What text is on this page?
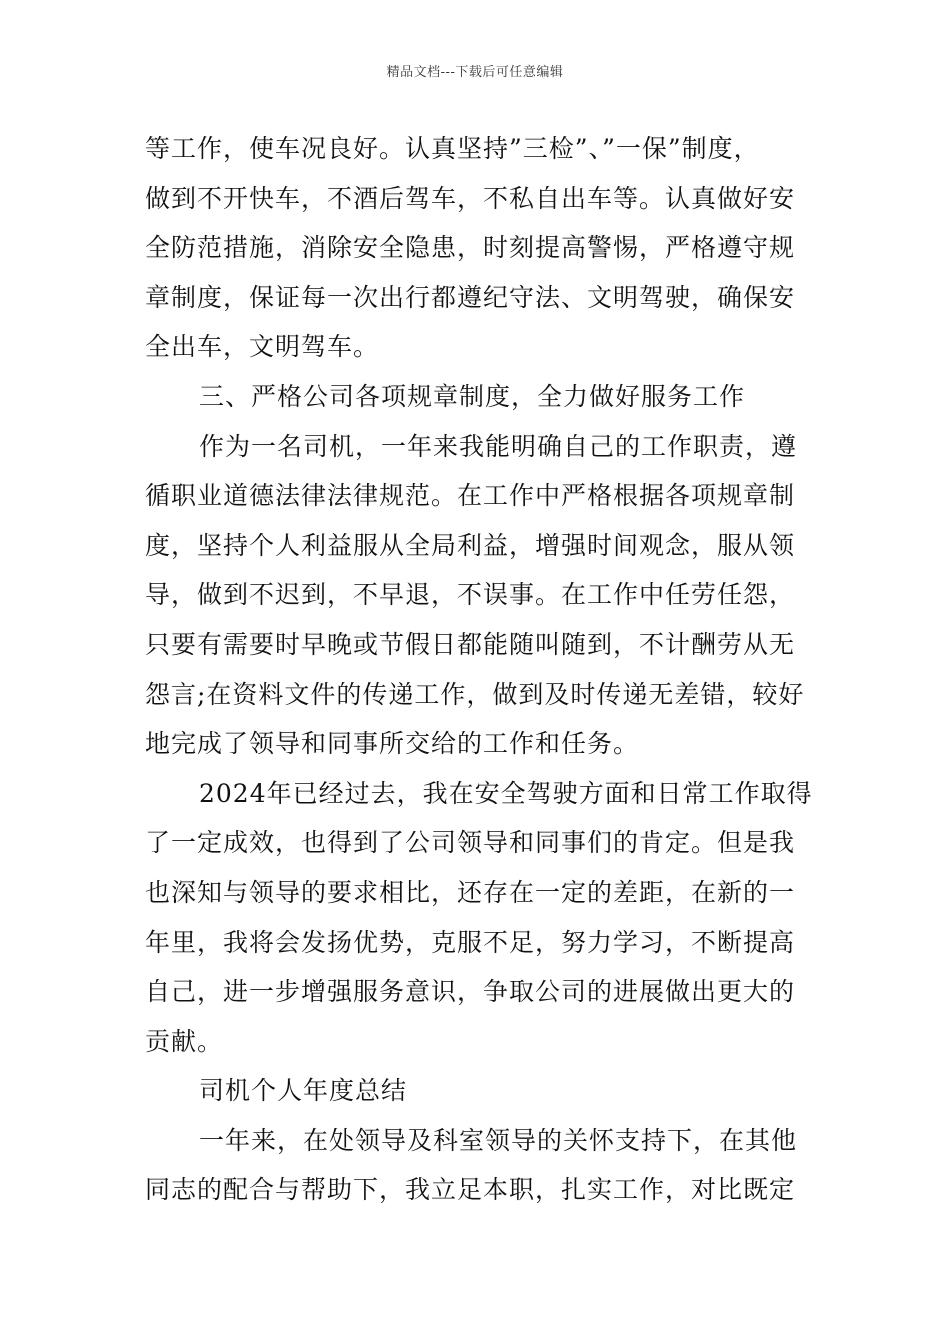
精品文档---下载后可任意编辑
等工作，使车况良好。认真坚持”三检”、”一保”制度，
做到不开快车，不酒后驾车，不私自出车等。认真做好安
全防范措施，消除安全隐患，时刻提高警惕，严格遵守规
章制度，保证每一次出行都遵纪守法、文明驾驶，确保安
全出车，文明驾车。
三、严格公司各项规章制度，全力做好服务工作
作为一名司机，一年来我能明确自己的工作职责，遵
循职业道德法律法律规范。在工作中严格根据各项规章制
度，坚持个人利益服从全局利益，增强时间观念，服从领
导，做到不迟到，不早退，不误事。在工作中任劳任怨，
只要有需要时早晚或节假日都能随叫随到，不计酬劳从无
怨言;在资料文件的传递工作，做到及时传递无差错，较好
地完成了领导和同事所交给的工作和任务。
2024年已经过去，我在安全驾驶方面和日常工作取得
了一定成效，也得到了公司领导和同事们的肯定。但是我
也深知与领导的要求相比，还存在一定的差距，在新的一
年里，我将会发扬优势，克服不足，努力学习，不断提高
自己，进一步增强服务意识，争取公司的进展做出更大的
贡献。
司机个人年度总结
一年来，在处领导及科室领导的关怀支持下，在其他
同志的配合与帮助下，我立足本职，扎实工作，对比既定
